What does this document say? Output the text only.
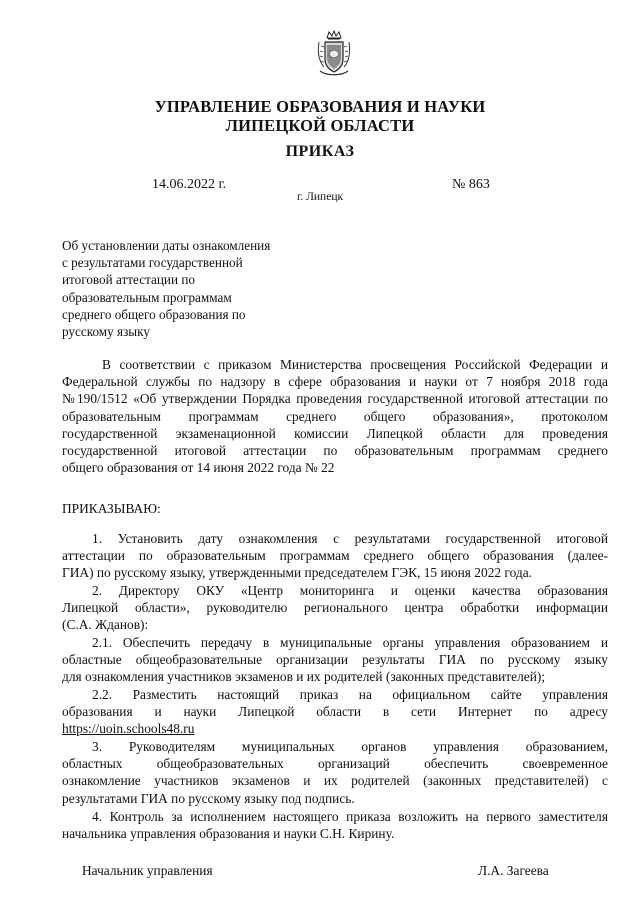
УПРАВЛЕНИЕ ОБРАЗОВАНИЯ И НАУКИ
ЛИПЕЦКОЙ ОБЛАСТИ
ПРИКАЗ
14.06.2022 г.	№ 863
г. Липецк
Об установлении даты ознакомления
с результатами государственной
итоговой аттестации по
образовательным программам
среднего общего образования по
русскому языку
В соответствии с приказом Министерства просвещения Российской Федерации и
Федеральной службы по надзору в сфере образования и науки от 7 ноября 2018 года
№190/1512 «Об утверждении Порядка проведения государственной итоговой аттестации по
образовательным программам среднего общего образования», протоколом
государственной экзаменационной комиссии Липецкой области для проведения
государственной итоговой аттестации по образовательным программам среднего
общего образования от 14 июня 2022 года № 22
ПРИКАЗЫВАЮ:
1. Установить дату ознакомления с результатами государственной итоговой
аттестации по образовательным программам среднего общего образования (далее-
ГИА) по русскому языку, утвержденными председателем ГЭК, 15 июня 2022 года.
2. Директору ОКУ «Центр мониторинга и оценки качества образования
Липецкой области», руководителю регионального центра обработки информации
(С.А. Жданов):
2.1. Обеспечить передачу в муниципальные органы управления образованием и
областные общеобразовательные организации результаты ГИА по русскому языку
для ознакомления участников экзаменов и их родителей (законных представителей);
2.2. Разместить настоящий приказ на официальном сайте управления
образования и науки Липецкой области в сети Интернет по адресу
https://uoin.schools48.ru
3. Руководителям муниципальных органов управления образованием,
областных общеобразовательных организаций обеспечить своевременное
ознакомление участников экзаменов и их родителей (законных представителей) с
результатами ГИА по русскому языку под подпись.
4. Контроль за исполнением настоящего приказа возложить на первого заместителя
начальника управления образования и науки С.Н. Кирину.
Начальник управления	Л.А. Загеева
